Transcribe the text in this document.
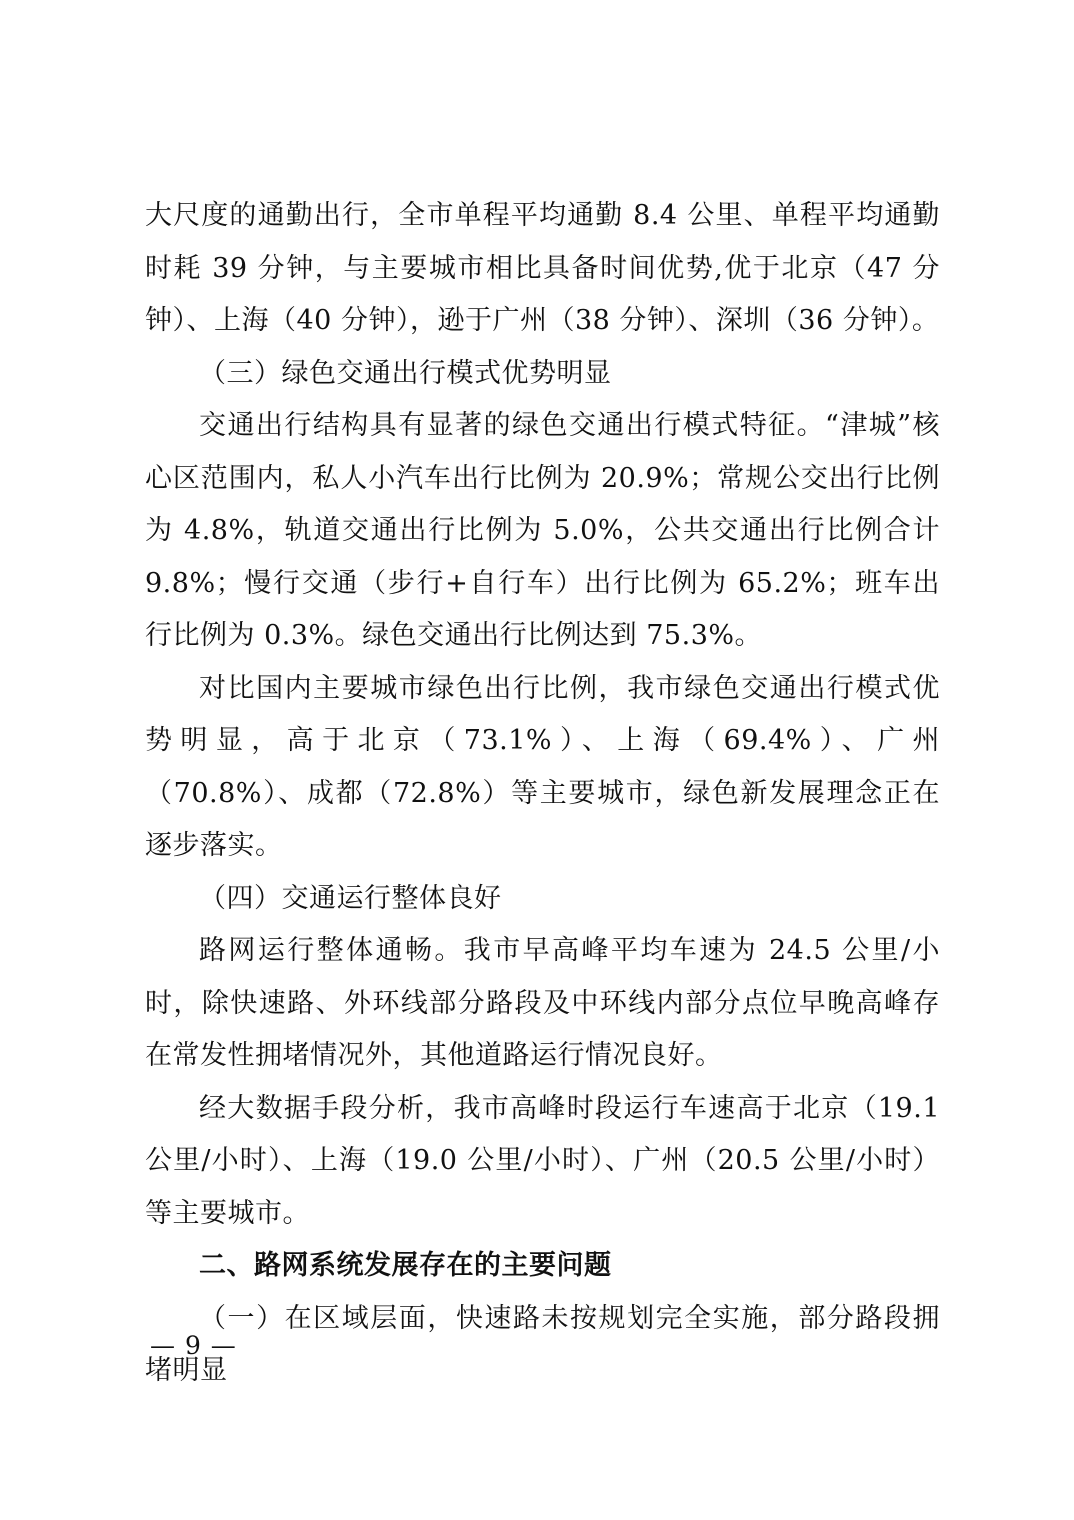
大尺度的通勤出行，全市单程平均通勤 8.4 公里、单程平均通勤时耗 39 分钟，与主要城市相比具备时间优势,优于北京（47 分钟）、上海（40 分钟），逊于广州（38 分钟）、深圳（36 分钟）。

（三）绿色交通出行模式优势明显

交通出行结构具有显著的绿色交通出行模式特征。“津城”核心区范围内，私人小汽车出行比例为 20.9%；常规公交出行比例为 4.8%，轨道交通出行比例为 5.0%，公共交通出行比例合计 9.8%；慢行交通（步行+自行车）出行比例为 65.2%；班车出行比例为 0.3%。绿色交通出行比例达到 75.3%。

对比国内主要城市绿色出行比例，我市绿色交通出行模式优势明显，高于北京（73.1%）、上海（69.4%）、广州（70.8%）、成都（72.8%）等主要城市，绿色新发展理念正在逐步落实。

（四）交通运行整体良好

路网运行整体通畅。我市早高峰平均车速为 24.5 公里/小时，除快速路、外环线部分路段及中环线内部分点位早晚高峰存在常发性拥堵情况外，其他道路运行情况良好。

经大数据手段分析，我市高峰时段运行车速高于北京（19.1 公里/小时）、上海（19.0 公里/小时）、广州（20.5 公里/小时）等主要城市。

二、路网系统发展存在的主要问题

（一）在区域层面，快速路未按规划完全实施，部分路段拥堵明显

— 9 —
